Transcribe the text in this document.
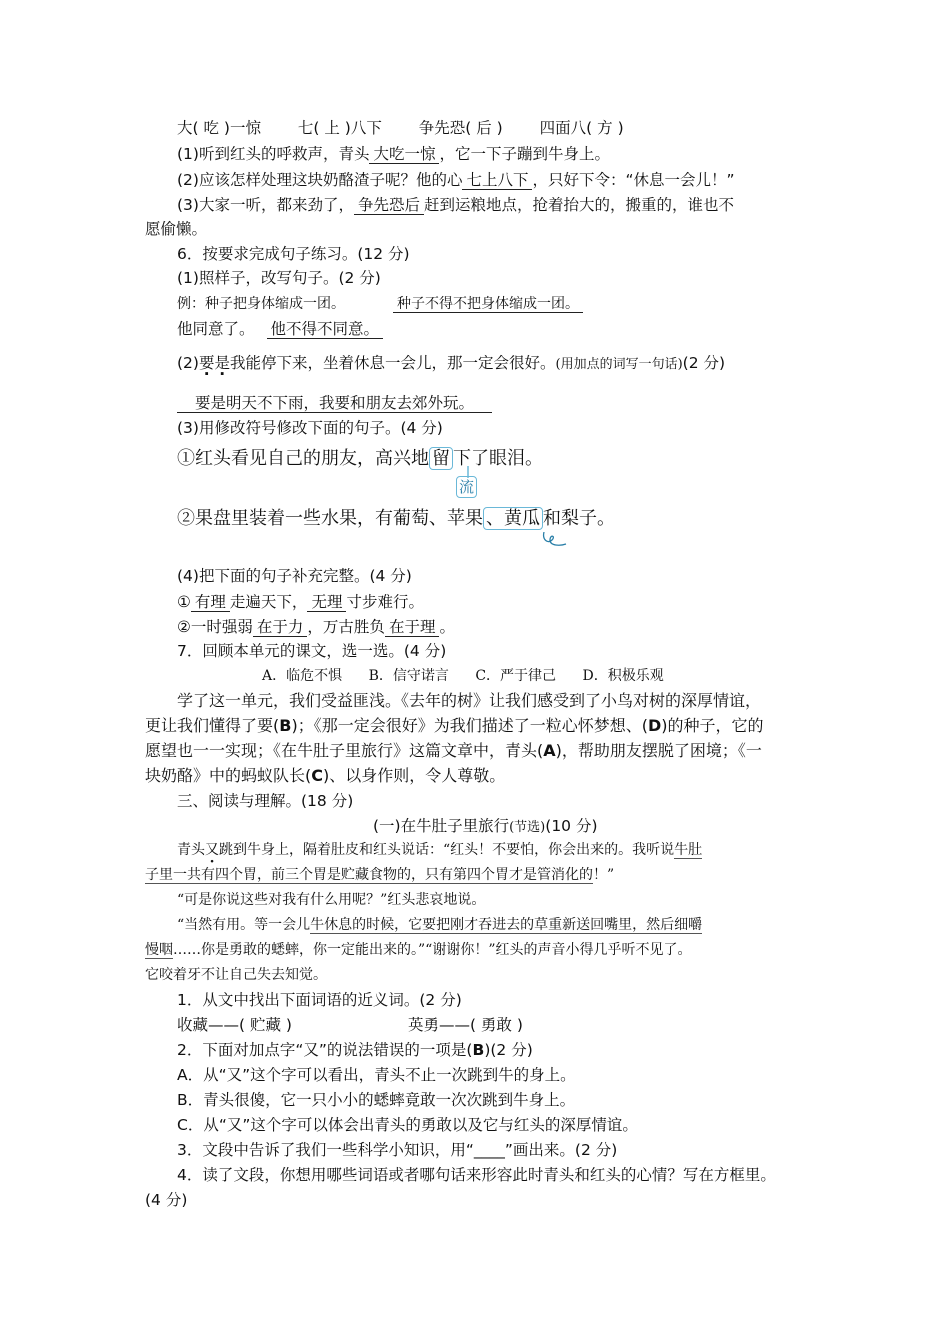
大( 吃 )一惊 七( 上 )八下 争先恐( 后 ) 四面八( 方 )
(1)听到红头的呼救声，青头 大吃一惊 ，它一下子蹦到牛身上。
(2)应该怎样处理这块奶酪渣子呢？他的心 七上八下 ，只好下令：“休息一会儿！”
(3)大家一听，都来劲了， 争先恐后 赶到运粮地点，抢着抬大的，搬重的，谁也不
愿偷懒。
6．按要求完成句子练习。(12 分)
(1)照样子，改写句子。(2 分)
例：种子把身体缩成一团。	种子不得不把身体缩成一团。
他同意了。 他不得不同意。
(2)要是我能停下来，坐着休息一会儿，那一定会很好。(用加点的词写一句话)(2 分)
要是明天不下雨，我要和朋友去郊外玩。
(3)用修改符号修改下面的句子。(4 分)
①红头看见自己的朋友，高兴地 留 下了眼泪。
流
②果盘里装着一些水果，有葡萄、苹果 、黄瓜 和梨子。
(4)把下面的句子补充完整。(4 分)
① 有理 走遍天下， 无理 寸步难行。
②一时强弱 在于力 ，万古胜负 在于理 。
7．回顾本单元的课文，选一选。(4 分)
A．临危不惧 B．信守诺言 C．严于律己 D．积极乐观
学了这一单元，我们受益匪浅。《去年的树》让我们感受到了小鸟对树的深厚情谊，
更让我们懂得了要(B)；《那一定会很好》为我们描述了一粒心怀梦想、(D)的种子，它的
愿望也一一实现；《在牛肚子里旅行》这篇文章中，青头(A)，帮助朋友摆脱了困境；《一
块奶酪》中的蚂蚁队长(C)、以身作则，令人尊敬。
三、阅读与理解。(18 分)
(一)在牛肚子里旅行(节选)(10 分)
青头又跳到牛身上，隔着肚皮和红头说话：“红头！不要怕，你会出来的。我听说牛肚
子里一共有四个胃，前三个胃是贮藏食物的，只有第四个胃才是管消化的！”
“可是你说这些对我有什么用呢？”红头悲哀地说。
“当然有用。等一会儿牛休息的时候，它要把刚才吞进去的草重新送回嘴里，然后细嚼
慢咽……你是勇敢的蟋蟀，你一定能出来的。”“谢谢你！”红头的声音小得几乎听不见了。
它咬着牙不让自己失去知觉。
1．从文中找出下面词语的近义词。(2 分)
收藏——( 贮藏 )	英勇——( 勇敢 )
2．下面对加点字“又”的说法错误的一项是(B)(2 分)
A．从“又”这个字可以看出，青头不止一次跳到牛的身上。
B．青头很傻，它一只小小的蟋蟀竟敢一次次跳到牛身上。
C．从“又”这个字可以体会出青头的勇敢以及它与红头的深厚情谊。
3．文段中告诉了我们一些科学小知识，用“____”画出来。(2 分)
4．读了文段，你想用哪些词语或者哪句话来形容此时青头和红头的心情？写在方框里。
(4 分)
